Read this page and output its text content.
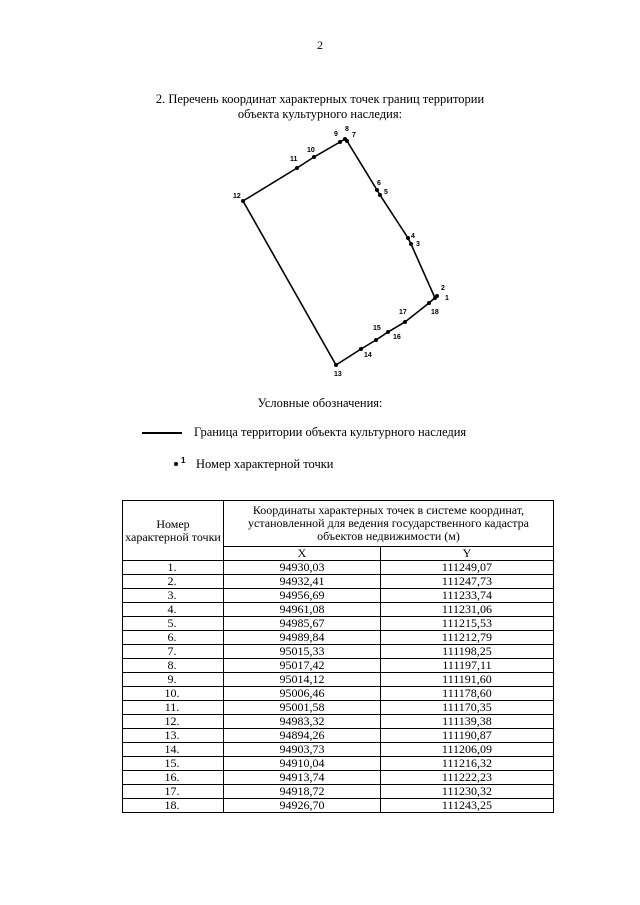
2
2. Перечень координат характерных точек границ территории
объекта культурного наследия:
1
2
3
4
5
6
7
8
9
10
11
12
13
14
15
16
17	18
Условные обозначения:
Граница территории объекта культурного наследия
1 Номер характерной точки
Номер характерной точки	Координаты характерных точек в системе координат, установленной для ведения государственного кадастра объектов недвижимости (м)	
	X	Y
1.	94930,03	111249,07
2.	94932,41	111247,73
3.	94956,69	111233,74
4.	94961,08	111231,06
5.	94985,67	111215,53
6.	94989,84	111212,79
7.	95015,33	111198,25
8.	95017,42	111197,11
9.	95014,12	111191,60
10.	95006,46	111178,60
11.	95001,58	111170,35
12.	94983,32	111139,38
13.	94894,26	111190,87
14.	94903,73	111206,09
15.	94910,04	111216,32
16.	94913,74	111222,23
17.	94918,72	111230,32
18.	94926,70	111243,25
